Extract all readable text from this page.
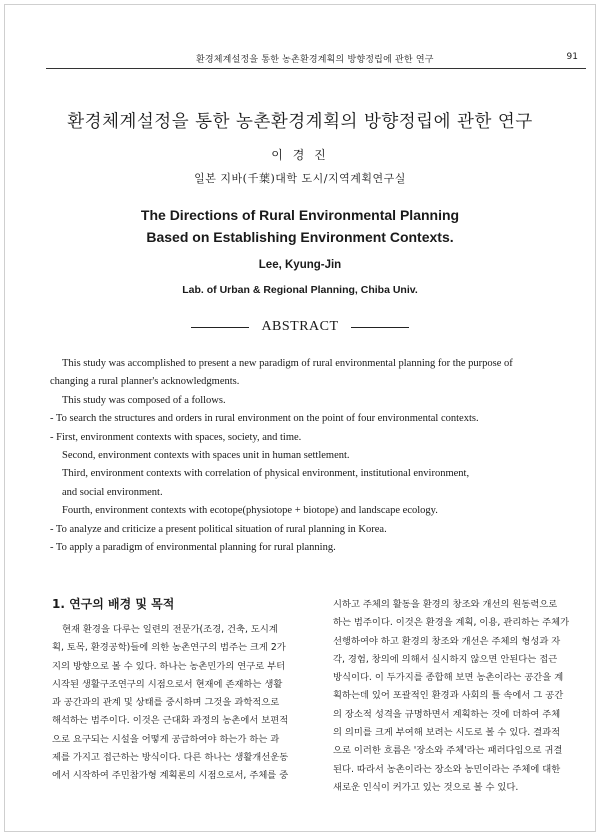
환경체계설정을 통한 농촌환경계획의 방향정립에 관한 연구	91
환경체계설정을 통한 농촌환경계획의 방향정립에 관한 연구
이 경 진
일본 지바(千葉)대학 도시/지역계획연구실
The Directions of Rural Environmental Planning
Based on Establishing Environment Contexts.
Lee, Kyung-Jin
Lab. of Urban & Regional Planning, Chiba Univ.
ABSTRACT
This study was accomplished to present a new paradigm of rural environmental planning for the purpose of
changing a rural planner's acknowledgments.
This study was composed of a follows.
- To search the structures and orders in rural environment on the point of four environmental contexts.
- First, environment contexts with spaces, society, and time.
Second, environment contexts with spaces unit in human settlement.
Third, environment contexts with correlation of physical environment, institutional environment,
and social environment.
Fourth, environment contexts with ecotope(physiotope + biotope) and landscape ecology.
- To analyze and criticize a present political situation of rural planning in Korea.
- To apply a paradigm of environmental planning for rural planning.
1. 연구의 배경 및 목적
현재 환경을 다루는 일련의 전문가(조경, 건축, 도시계
획, 토목, 환경공학)들에 의한 농촌연구의 범주는 크게 2가
지의 방향으로 볼 수 있다. 하나는 농촌민가의 연구로 부터
시작된 생활구조연구의 시점으로서 현재에 존재하는 생활
과 공간과의 관계 및 상태를 중시하며 그것을 과학적으로
해석하는 범주이다. 이것은 근대화 과정의 농촌에서 보편적
으로 요구되는 시설을 어떻게 공급하여야 하는가 하는 과
제를 가지고 접근하는 방식이다. 다른 하나는 생활개선운동
에서 시작하여 주민참가형 계획론의 시점으로서, 주체를 중
시하고 주체의 활동을 환경의 창조와 개선의 원동력으로
하는 범주이다. 이것은 환경을 계획, 이용, 관리하는 주체가
선행하여야 하고 환경의 창조와 개선은 주체의 형성과 자
각, 경험, 창의에 의해서 실시하지 않으면 안된다는 접근
방식이다. 이 두가지를 종합해 보면 농촌이라는 공간을 계
획하는데 있어 포괄적인 환경과 사회의 틀 속에서 그 공간
의 장소적 성격을 규명하면서 계획하는 것에 더하여 주체
의 의미를 크게 부여해 보려는 시도로 볼 수 있다. 결과적
으로 이러한 흐름은 '장소와 주체'라는 패러다임으로 귀결
된다. 따라서 농촌이라는 장소와 농민이라는 주체에 대한
새로운 인식이 커가고 있는 것으로 볼 수 있다.
